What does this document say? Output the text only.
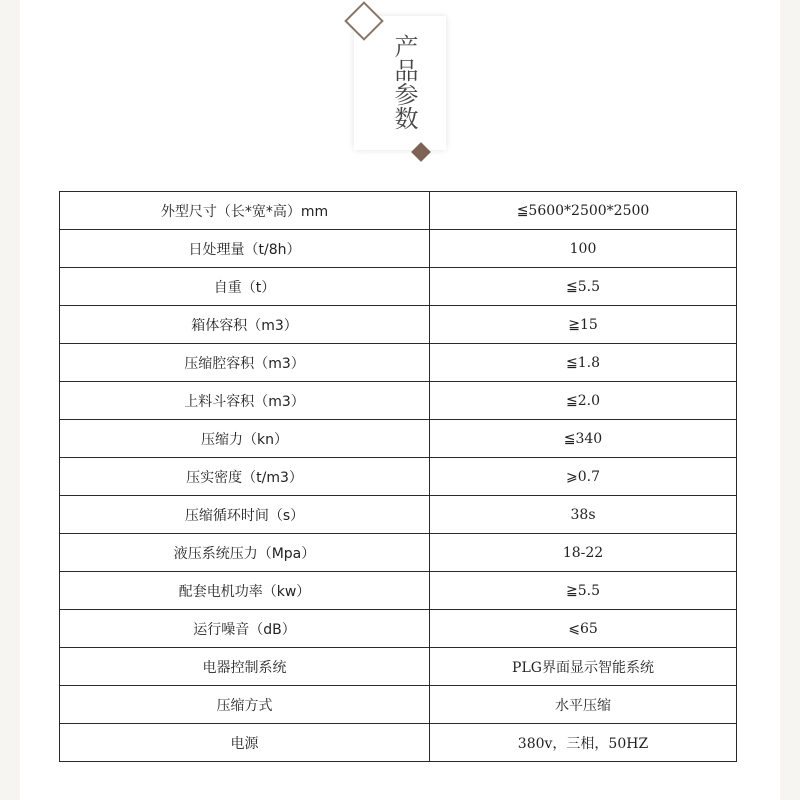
产品参数
外型尺寸（长*宽*高）mm	≦5600*2500*2500
日处理量（t/8h）	100
自重（t）	≦5.5
箱体容积（m3）	≧15
压缩腔容积（m3）	≦1.8
上料斗容积（m3）	≦2.0
压缩力（kn）	≦340
压实密度（t/m3）	⩾0.7
压缩循环时间（s）	38s
液压系统压力（Mpa）	18-22
配套电机功率（kw）	≧5.5
运行噪音（dB）	⩽65
电器控制系统	PLG界面显示智能系统
压缩方式	水平压缩
电源	380v，三相，50HZ
